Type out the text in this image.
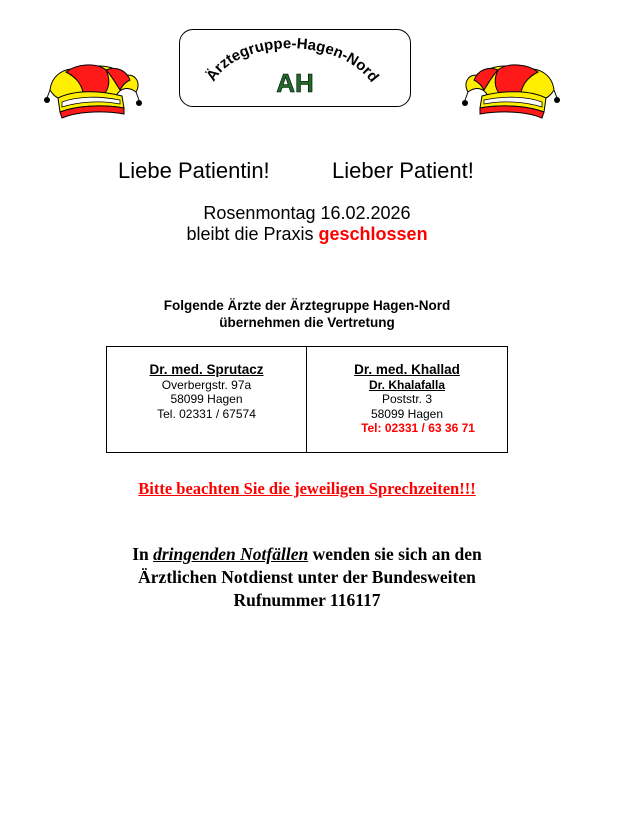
Ärztegruppe-Hagen-Nord
AH
Liebe Patientin!	Lieber Patient!
Rosenmontag 16.02.2026
bleibt die Praxis geschlossen
Folgende Ärzte der Ärztegruppe Hagen-Nord
übernehmen die Vertretung
Dr. med. Sprutacz
Overbergstr. 97a
58099 Hagen
Tel. 02331 / 67574
Dr. med. Khallad
Dr. Khalafalla
Poststr. 3
58099 Hagen
Tel: 02331 / 63 36 71
Bitte beachten Sie die jeweiligen Sprechzeiten!!!
In dringenden Notfällen wenden sie sich an den
Ärztlichen Notdienst unter der Bundesweiten
Rufnummer 116117
